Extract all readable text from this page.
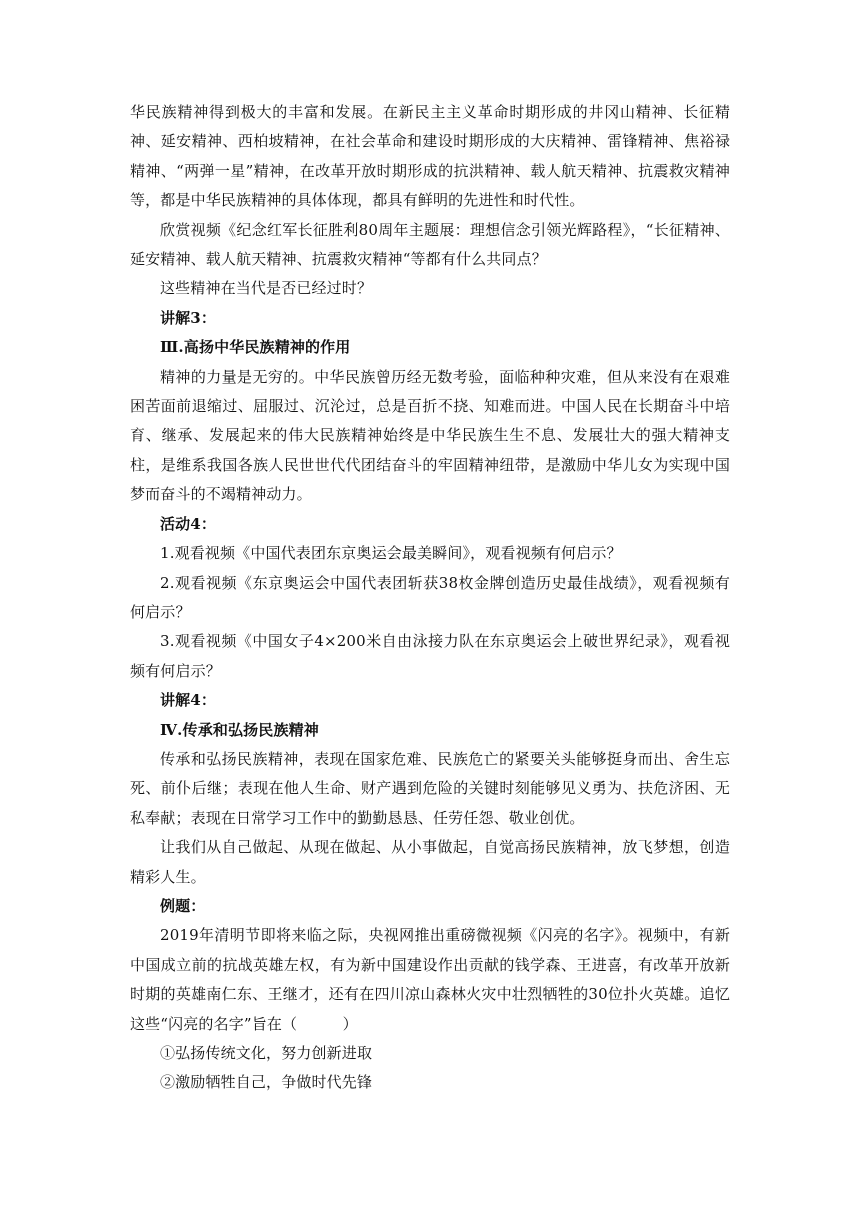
华民族精神得到极大的丰富和发展。在新民主主义革命时期形成的井冈山精神、长征精神、延安精神、西柏坡精神，在社会革命和建设时期形成的大庆精神、雷锋精神、焦裕禄精神、“两弹一星”精神，在改革开放时期形成的抗洪精神、载人航天精神、抗震救灾精神等，都是中华民族精神的具体体现，都具有鲜明的先进性和时代性。

欣赏视频《纪念红军长征胜利80周年主题展：理想信念引领光辉路程》，“长征精神、延安精神、载人航天精神、抗震救灾精神“等都有什么共同点？

这些精神在当代是否已经过时？

讲解3：

Ⅲ.高扬中华民族精神的作用

精神的力量是无穷的。中华民族曾历经无数考验，面临种种灾难，但从来没有在艰难困苦面前退缩过、屈服过、沉沦过，总是百折不挠、知难而进。中国人民在长期奋斗中培育、继承、发展起来的伟大民族精神始终是中华民族生生不息、发展壮大的强大精神支柱，是维系我国各族人民世世代代团结奋斗的牢固精神纽带，是激励中华儿女为实现中国梦而奋斗的不竭精神动力。

活动4：

1.观看视频《中国代表团东京奥运会最美瞬间》，观看视频有何启示？

2.观看视频《东京奥运会中国代表团斩获38枚金牌创造历史最佳战绩》，观看视频有何启示？

3.观看视频《中国女子4×200米自由泳接力队在东京奥运会上破世界纪录》，观看视频有何启示？

讲解4：

Ⅳ.传承和弘扬民族精神

传承和弘扬民族精神，表现在国家危难、民族危亡的紧要关头能够挺身而出、舍生忘死、前仆后继；表现在他人生命、财产遇到危险的关键时刻能够见义勇为、扶危济困、无私奉献；表现在日常学习工作中的勤勤恳恳、任劳任怨、敬业创优。

让我们从自己做起、从现在做起、从小事做起，自觉高扬民族精神，放飞梦想，创造精彩人生。

例题：

2019年清明节即将来临之际，央视网推出重磅微视频《闪亮的名字》。视频中，有新中国成立前的抗战英雄左权，有为新中国建设作出贡献的钱学森、王进喜，有改革开放新时期的英雄南仁东、王继才，还有在四川凉山森林火灾中壮烈牺牲的30位扑火英雄。追忆这些“闪亮的名字”旨在（　　　）

①弘扬传统文化，努力创新进取

②激励牺牲自己，争做时代先锋
